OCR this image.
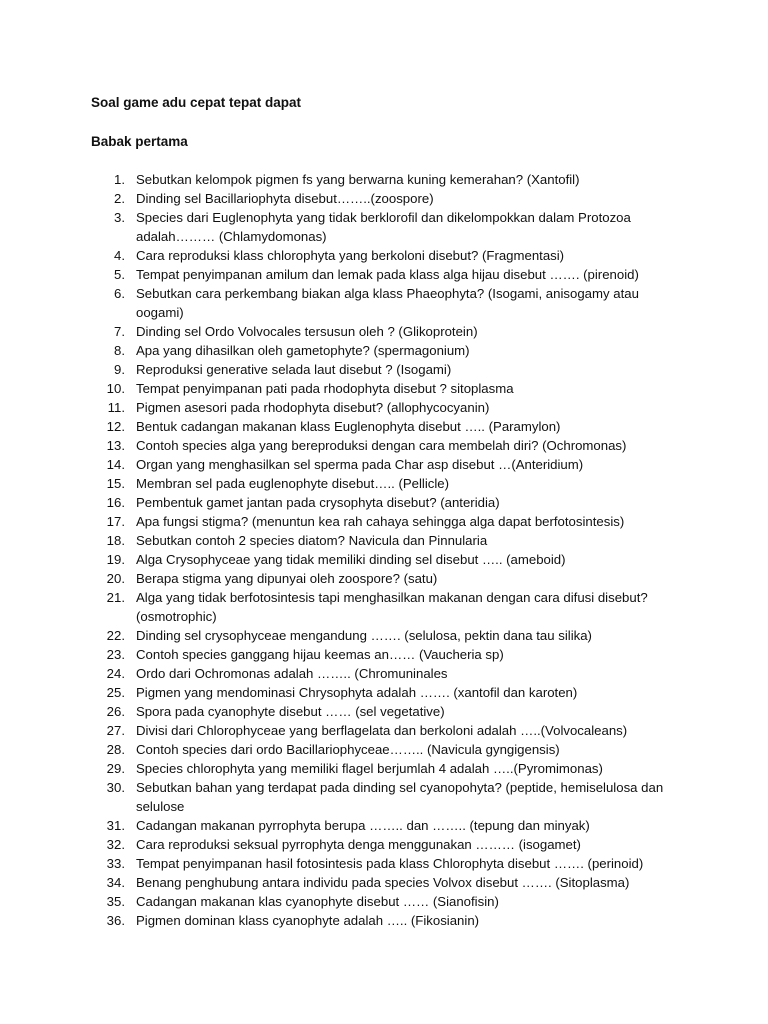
Soal game adu cepat tepat dapat

Babak pertama

1. Sebutkan kelompok pigmen fs yang berwarna kuning kemerahan? (Xantofil)
2. Dinding sel Bacillariophyta disebut……..(zoospore)
3. Species dari Euglenophyta yang tidak berklorofil dan dikelompokkan dalam Protozoa adalah……… (Chlamydomonas)
4. Cara reproduksi klass chlorophyta yang berkoloni disebut? (Fragmentasi)
5. Tempat penyimpanan amilum dan lemak pada klass alga hijau disebut ……. (pirenoid)
6. Sebutkan cara perkembang biakan alga klass Phaeophyta? (Isogami, anisogamy atau oogami)
7. Dinding sel Ordo Volvocales tersusun oleh ? (Glikoprotein)
8. Apa yang dihasilkan oleh gametophyte? (spermagonium)
9. Reproduksi generative selada laut disebut ? (Isogami)
10. Tempat penyimpanan pati pada rhodophyta disebut ? sitoplasma
11. Pigmen asesori pada rhodophyta disebut? (allophycocyanin)
12. Bentuk cadangan makanan klass Euglenophyta disebut ….. (Paramylon)
13. Contoh species alga yang bereproduksi dengan cara membelah diri? (Ochromonas)
14. Organ yang menghasilkan sel sperma pada Char asp disebut …(Anteridium)
15. Membran sel pada euglenophyte disebut….. (Pellicle)
16. Pembentuk gamet jantan pada crysophyta disebut? (anteridia)
17. Apa fungsi stigma? (menuntun kea rah cahaya sehingga alga dapat berfotosintesis)
18. Sebutkan contoh 2 species diatom? Navicula dan Pinnularia
19. Alga Crysophyceae yang tidak memiliki dinding sel disebut ….. (ameboid)
20. Berapa stigma yang dipunyai oleh zoospore? (satu)
21. Alga yang tidak berfotosintesis tapi menghasilkan makanan dengan cara difusi disebut? (osmotrophic)
22. Dinding sel crysophyceae mengandung ……. (selulosa, pektin dana tau silika)
23. Contoh species ganggang hijau keemas an…… (Vaucheria sp)
24. Ordo dari Ochromonas adalah …….. (Chromuninales
25. Pigmen yang mendominasi Chrysophyta adalah ……. (xantofil dan karoten)
26. Spora pada cyanophyte disebut …… (sel vegetative)
27. Divisi dari Chlorophyceae yang berflagelata dan berkoloni adalah …..(Volvocaleans)
28. Contoh species dari ordo Bacillariophyceae…….. (Navicula gyngigensis)
29. Species chlorophyta yang memiliki flagel berjumlah 4 adalah …..(Pyromimonas)
30. Sebutkan bahan yang terdapat pada dinding sel cyanopohyta? (peptide, hemiselulosa dan selulose
31. Cadangan makanan pyrrophyta berupa …….. dan …….. (tepung dan minyak)
32. Cara reproduksi seksual pyrrophyta denga menggunakan ……… (isogamet)
33. Tempat penyimpanan hasil fotosintesis pada klass Chlorophyta disebut ……. (perinoid)
34. Benang penghubung antara individu pada species Volvox disebut ……. (Sitoplasma)
35. Cadangan makanan klas cyanophyte disebut …… (Sianofisin)
36. Pigmen dominan klass cyanophyte adalah ….. (Fikosianin)
